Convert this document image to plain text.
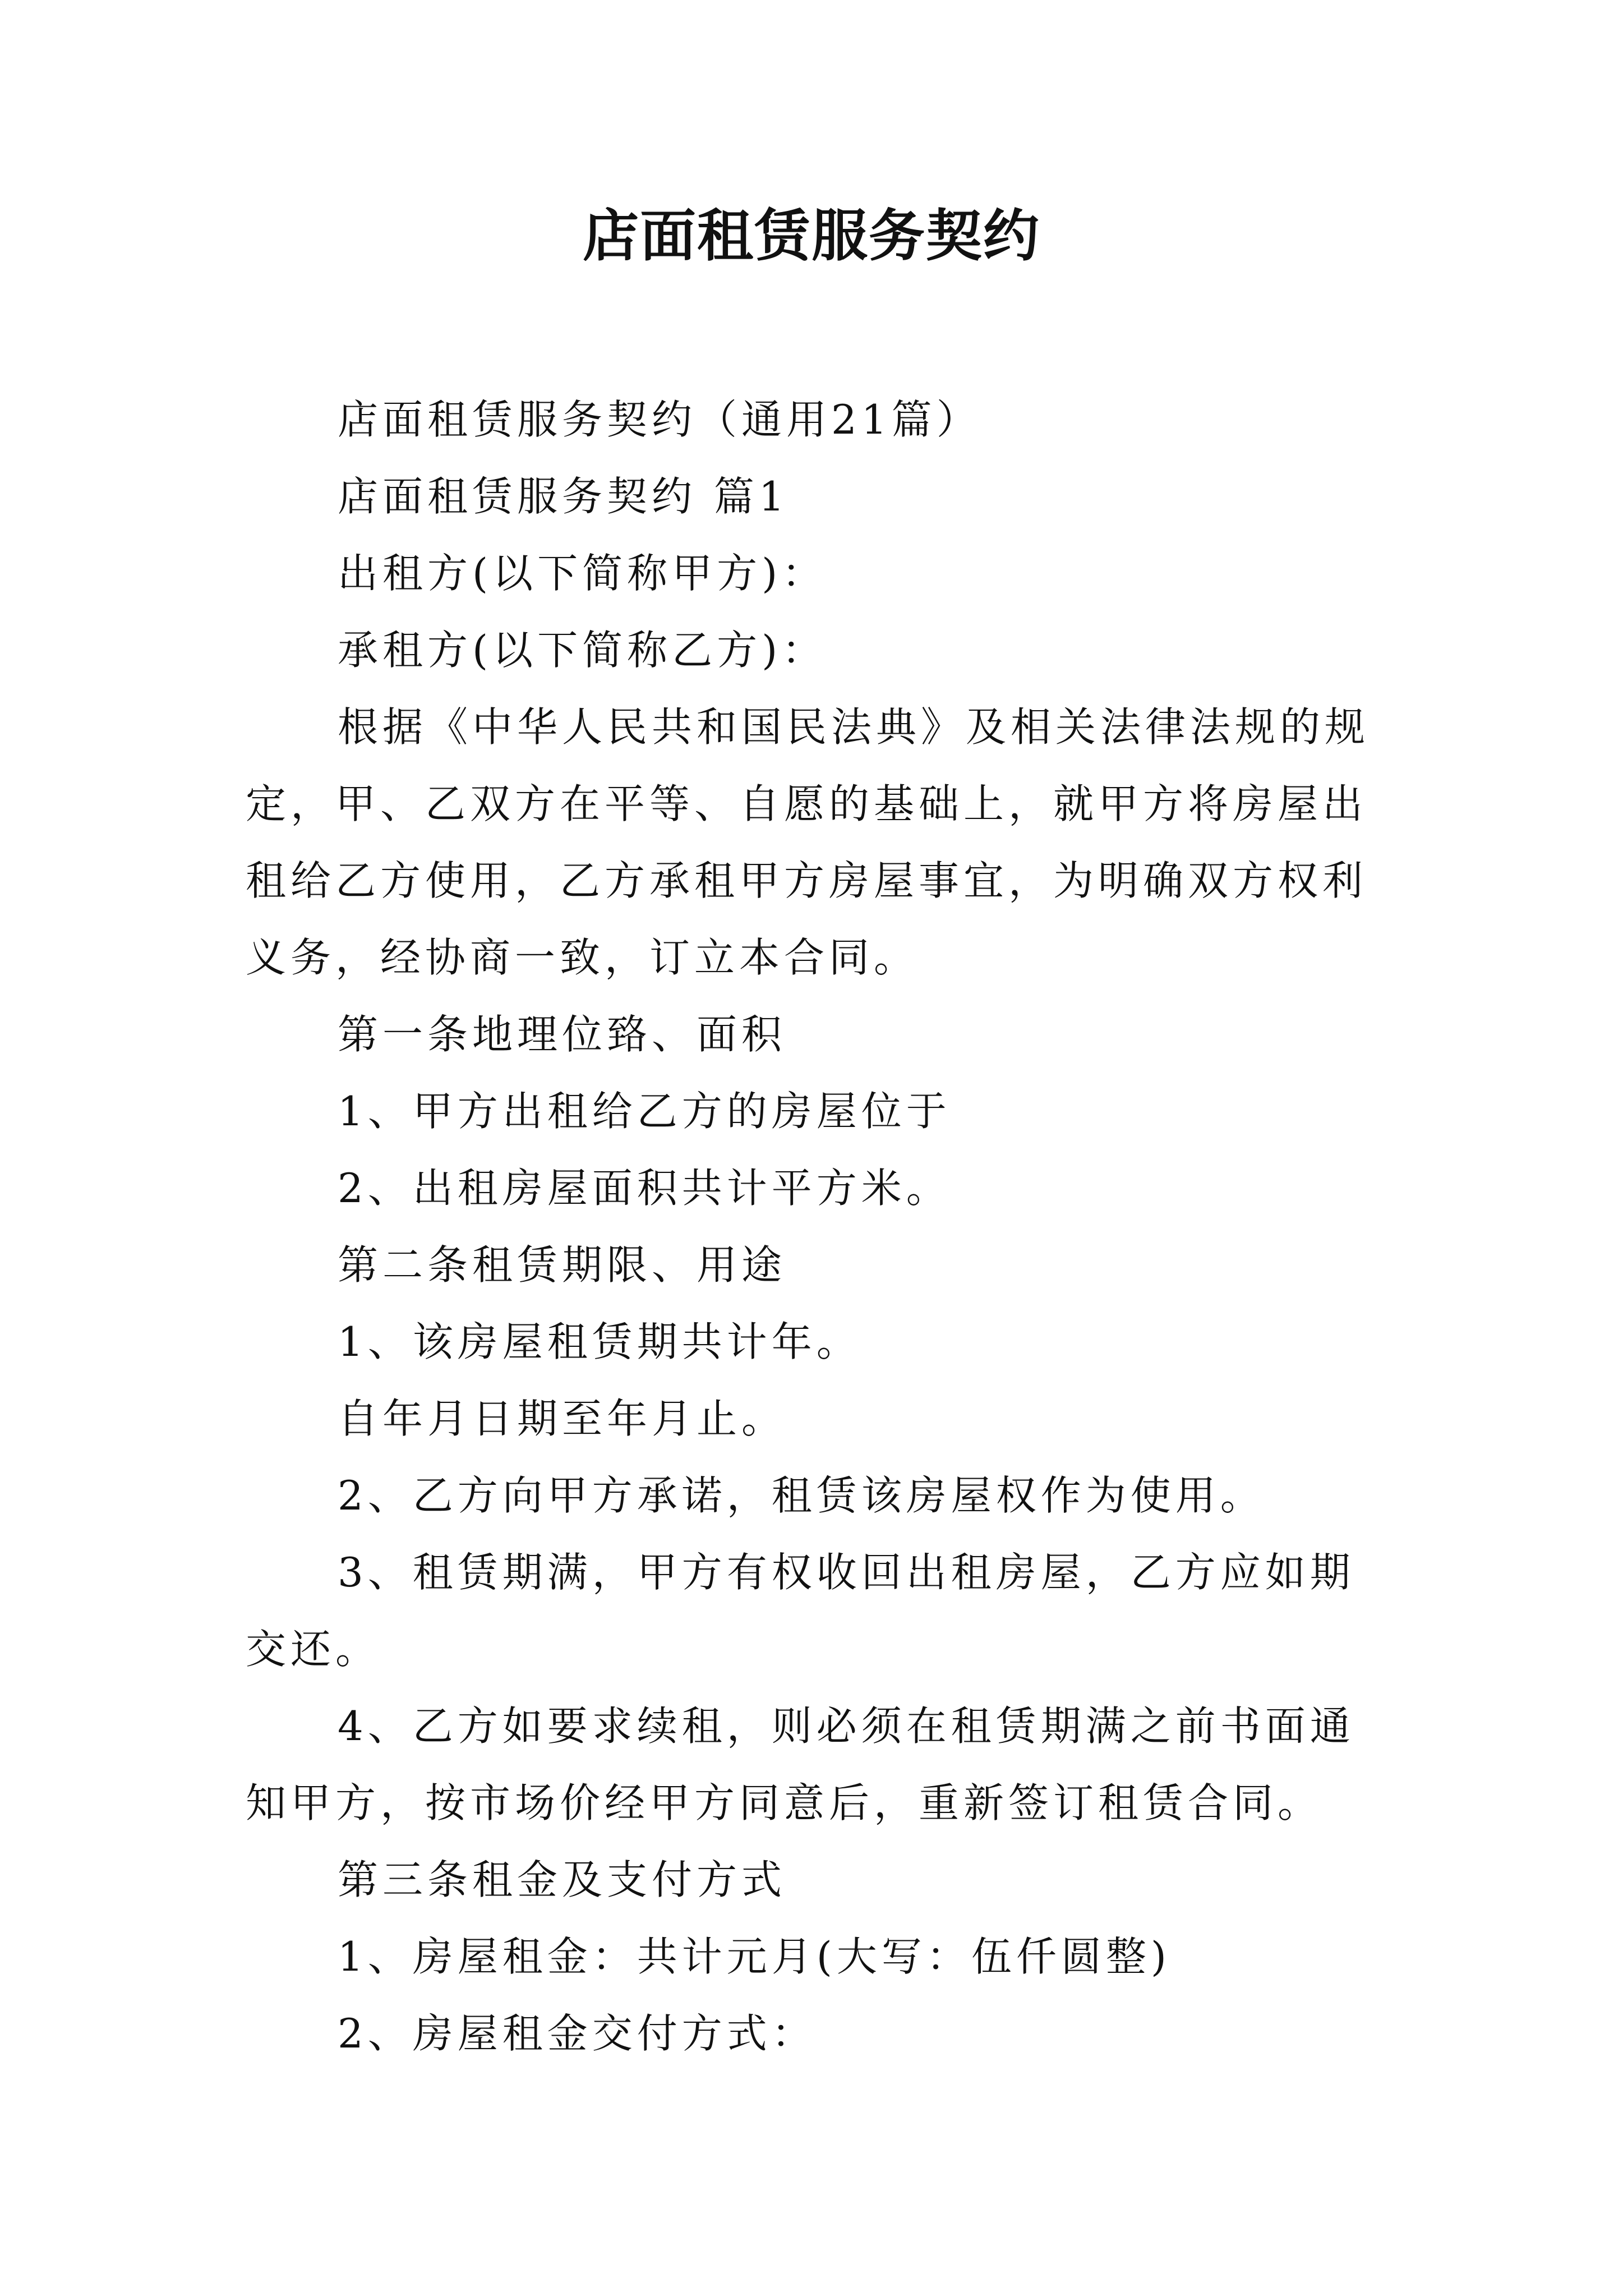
店面租赁服务契约

店面租赁服务契约（通用21篇）

店面租赁服务契约 篇1

出租方(以下简称甲方)：

承租方(以下简称乙方)：

根据《中华人民共和国民法典》及相关法律法规的规定，甲、乙双方在平等、自愿的基础上，就甲方将房屋出租给乙方使用，乙方承租甲方房屋事宜，为明确双方权利义务，经协商一致，订立本合同。

第一条地理位臵、面积

1、甲方出租给乙方的房屋位于

2、出租房屋面积共计平方米。

第二条租赁期限、用途

1、该房屋租赁期共计年。

自年月日期至年月止。

2、乙方向甲方承诺，租赁该房屋权作为使用。

3、租赁期满，甲方有权收回出租房屋，乙方应如期交还。

4、乙方如要求续租，则必须在租赁期满之前书面通知甲方，按市场价经甲方同意后，重新签订租赁合同。

第三条租金及支付方式

1、房屋租金：共计元月(大写：伍仟圆整)

2、房屋租金交付方式：
